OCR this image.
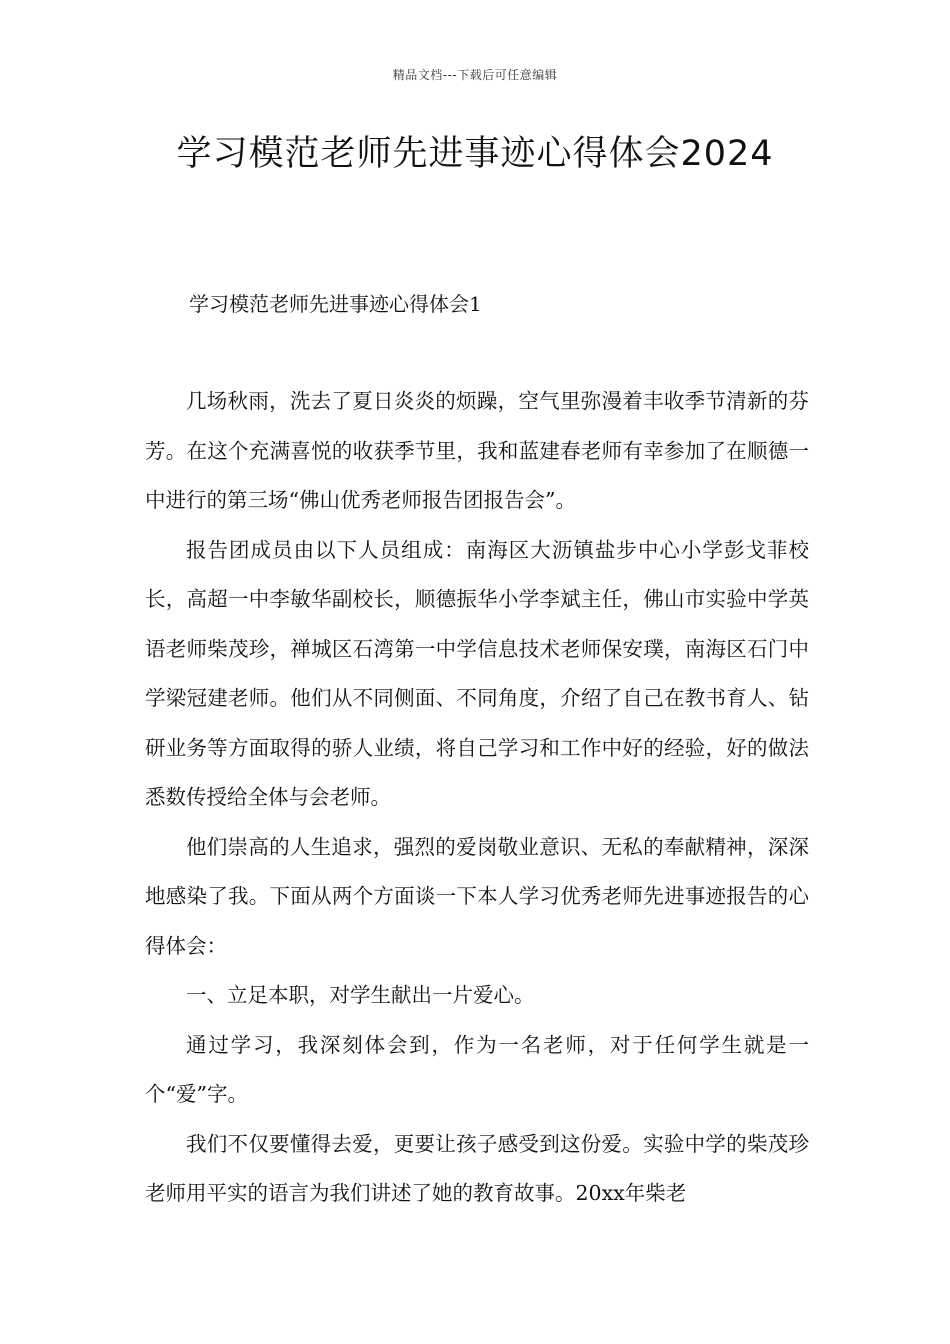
精品文档---下载后可任意编辑
学习模范老师先进事迹心得体会2024
学习模范老师先进事迹心得体会1

几场秋雨，洗去了夏日炎炎的烦躁，空气里弥漫着丰收季节清新的芬芳。在这个充满喜悦的收获季节里，我和蓝建春老师有幸参加了在顺德一中进行的第三场“佛山优秀老师报告团报告会”。

报告团成员由以下人员组成：南海区大沥镇盐步中心小学彭戈菲校长，高超一中李敏华副校长，顺德振华小学李斌主任，佛山市实验中学英语老师柴茂珍，禅城区石湾第一中学信息技术老师保安璞，南海区石门中学梁冠建老师。他们从不同侧面、不同角度，介绍了自己在教书育人、钻研业务等方面取得的骄人业绩，将自己学习和工作中好的经验，好的做法悉数传授给全体与会老师。

他们崇高的人生追求，强烈的爱岗敬业意识、无私的奉献精神，深深地感染了我。下面从两个方面谈一下本人学习优秀老师先进事迹报告的心得体会：

一、立足本职，对学生献出一片爱心。

通过学习，我深刻体会到，作为一名老师，对于任何学生就是一个“爱”字。

我们不仅要懂得去爱，更要让孩子感受到这份爱。实验中学的柴茂珍老师用平实的语言为我们讲述了她的教育故事。20xx年柴老
